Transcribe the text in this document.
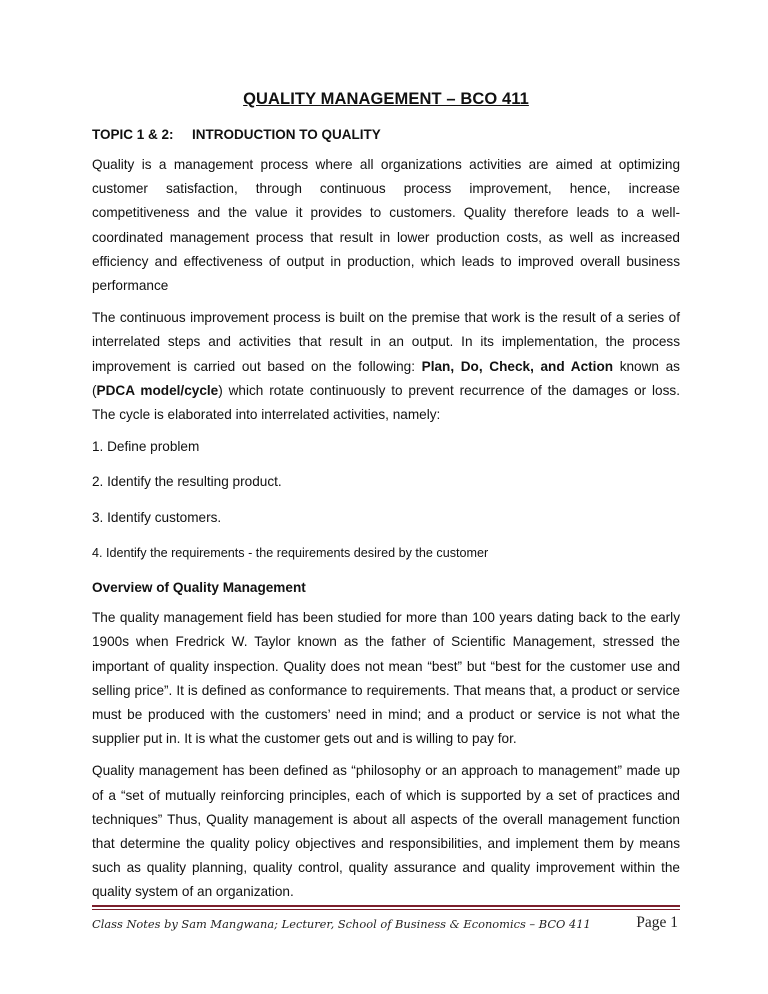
QUALITY MANAGEMENT – BCO 411
TOPIC 1 & 2: INTRODUCTION TO QUALITY

Quality is a management process where all organizations activities are aimed at optimizing customer satisfaction, through continuous process improvement, hence, increase competitiveness and the value it provides to customers. Quality therefore leads to a well-coordinated management process that result in lower production costs, as well as increased efficiency and effectiveness of output in production, which leads to improved overall business performance

The continuous improvement process is built on the premise that work is the result of a series of interrelated steps and activities that result in an output. In its implementation, the process improvement is carried out based on the following: Plan, Do, Check, and Action known as (PDCA model/cycle) which rotate continuously to prevent recurrence of the damages or loss. The cycle is elaborated into interrelated activities, namely:

1. Define problem

2. Identify the resulting product.

3. Identify customers.

4. Identify the requirements - the requirements desired by the customer

Overview of Quality Management

The quality management field has been studied for more than 100 years dating back to the early 1900s when Fredrick W. Taylor known as the father of Scientific Management, stressed the important of quality inspection. Quality does not mean “best” but “best for the customer use and selling price”. It is defined as conformance to requirements. That means that, a product or service must be produced with the customers’ need in mind; and a product or service is not what the supplier put in. It is what the customer gets out and is willing to pay for.

Quality management has been defined as “philosophy or an approach to management” made up of a “set of mutually reinforcing principles, each of which is supported by a set of practices and techniques” Thus, Quality management is about all aspects of the overall management function that determine the quality policy objectives and responsibilities, and implement them by means such as quality planning, quality control, quality assurance and quality improvement within the quality system of an organization.

Class Notes by Sam Mangwana; Lecturer, School of Business & Economics – BCO 411	Page 1
